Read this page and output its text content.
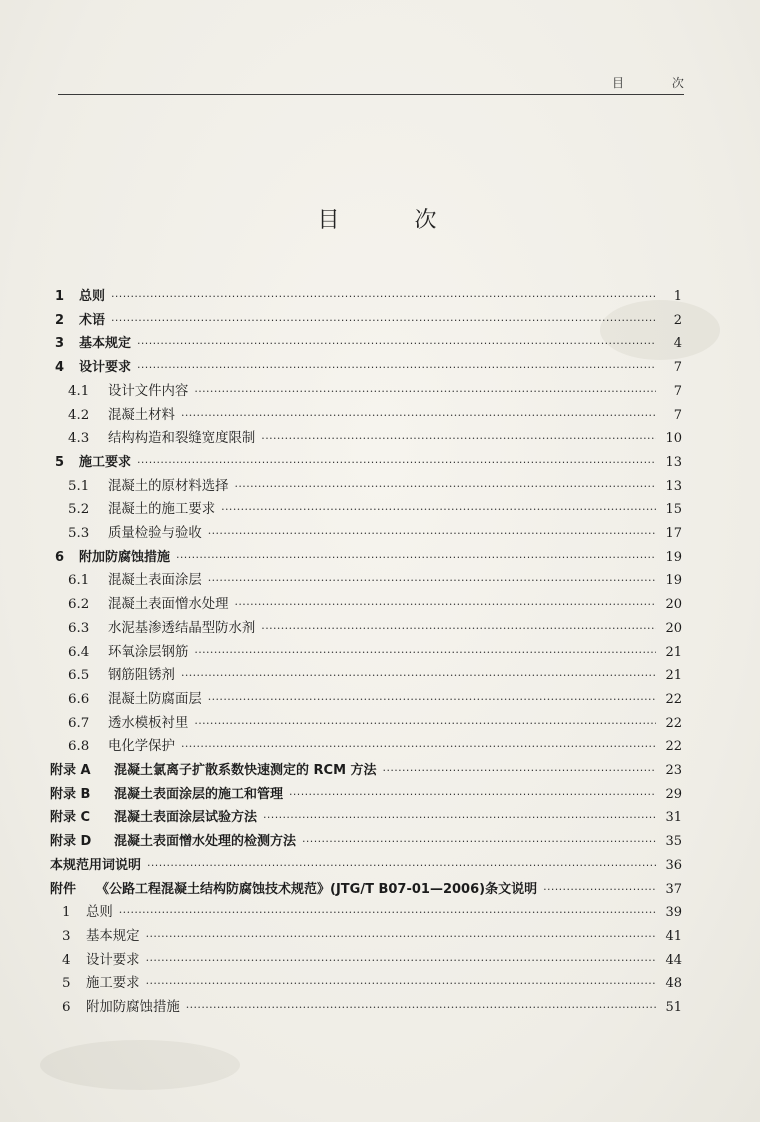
目 次
目 次
1	总则 ·····	1
2	术语 ·····	2
3	基本规定 ·····	4
4	设计要求 ·····	7
4.1	设计文件内容 ·····	7
4.2	混凝土材料 ·····	7
4.3	结构构造和裂缝宽度限制 ·····	10
5	施工要求 ·····	13
5.1	混凝土的原材料选择 ·····	13
5.2	混凝土的施工要求 ·····	15
5.3	质量检验与验收 ·····	17
6	附加防腐蚀措施 ·····	19
6.1	混凝土表面涂层 ·····	19
6.2	混凝土表面憎水处理 ·····	20
6.3	水泥基渗透结晶型防水剂 ·····	20
6.4	环氧涂层钢筋 ·····	21
6.5	钢筋阻锈剂 ·····	21
6.6	混凝土防腐面层 ·····	22
6.7	透水模板衬里 ·····	22
6.8	电化学保护 ·····	22
附录 A	混凝土氯离子扩散系数快速测定的 RCM 方法 ·····	23
附录 B	混凝土表面涂层的施工和管理 ·····	29
附录 C	混凝土表面涂层试验方法 ·····	31
附录 D	混凝土表面憎水处理的检测方法 ·····	35
本规范用词说明 ·····	36
附件	《公路工程混凝土结构防腐蚀技术规范》(JTG/T B07-01—2006)条文说明 ·····	37
1	总则 ·····	39
3	基本规定 ·····	41
4	设计要求 ·····	44
5	施工要求 ·····	48
6	附加防腐蚀措施 ·····	51
